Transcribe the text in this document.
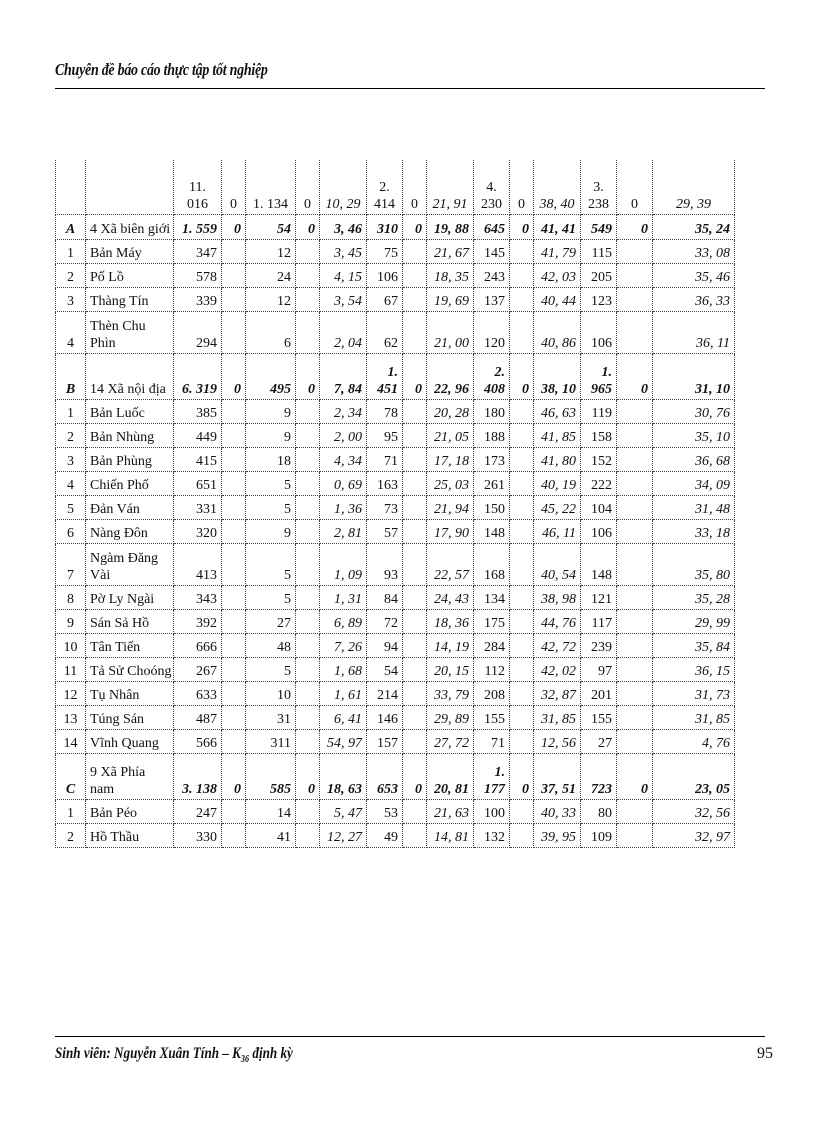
Chuyên đề báo cáo thực tập tốt nghiệp
		11. 016	0	1. 134	0	10, 29	2. 414	0	21, 91	4. 230	0	38, 40	3. 238	0	29, 39
A	4 Xã biên giới	1. 559	0	54	0	3, 46	310	0	19, 88	645	0	41, 41	549	0	35, 24
1	Bản Máy	347		12		3, 45	75		21, 67	145		41, 79	115		33, 08
2	Pố Lồ	578		24		4, 15	106		18, 35	243		42, 03	205		35, 46
3	Thàng Tín	339		12		3, 54	67		19, 69	137		40, 44	123		36, 33
4	Thèn Chu Phìn	294		6		2, 04	62		21, 00	120		40, 86	106		36, 11
B	14 Xã nội địa	6. 319	0	495	0	7, 84	1. 451	0	22, 96	2. 408	0	38, 10	1. 965	0	31, 10
1	Bản Luốc	385		9		2, 34	78		20, 28	180		46, 63	119		30, 76
2	Bản Nhùng	449		9		2, 00	95		21, 05	188		41, 85	158		35, 10
3	Bản Phùng	415		18		4, 34	71		17, 18	173		41, 80	152		36, 68
4	Chiến Phố	651		5		0, 69	163		25, 03	261		40, 19	222		34, 09
5	Đản Ván	331		5		1, 36	73		21, 94	150		45, 22	104		31, 48
6	Nàng Đôn	320		9		2, 81	57		17, 90	148		46, 11	106		33, 18
7	Ngàm Đăng Vài	413		5		1, 09	93		22, 57	168		40, 54	148		35, 80
8	Pờ Ly Ngài	343		5		1, 31	84		24, 43	134		38, 98	121		35, 28
9	Sán Sả Hồ	392		27		6, 89	72		18, 36	175		44, 76	117		29, 99
10	Tân Tiến	666		48		7, 26	94		14, 19	284		42, 72	239		35, 84
11	Tả Sử Choóng	267		5		1, 68	54		20, 15	112		42, 02	97		36, 15
12	Tụ Nhân	633		10		1, 61	214		33, 79	208		32, 87	201		31, 73
13	Túng Sán	487		31		6, 41	146		29, 89	155		31, 85	155		31, 85
14	Vĩnh Quang	566		311		54, 97	157		27, 72	71		12, 56	27		4, 76
C	9 Xã Phía nam	3. 138	0	585	0	18, 63	653	0	20, 81	1. 177	0	37, 51	723	0	23, 05
1	Bản Péo	247		14		5, 47	53		21, 63	100		40, 33	80		32, 56
2	Hồ Thầu	330		41		12, 27	49		14, 81	132		39, 95	109		32, 97
Sinh viên: Nguyễn Xuân Tính – $K_{36}$ định kỳ	95
